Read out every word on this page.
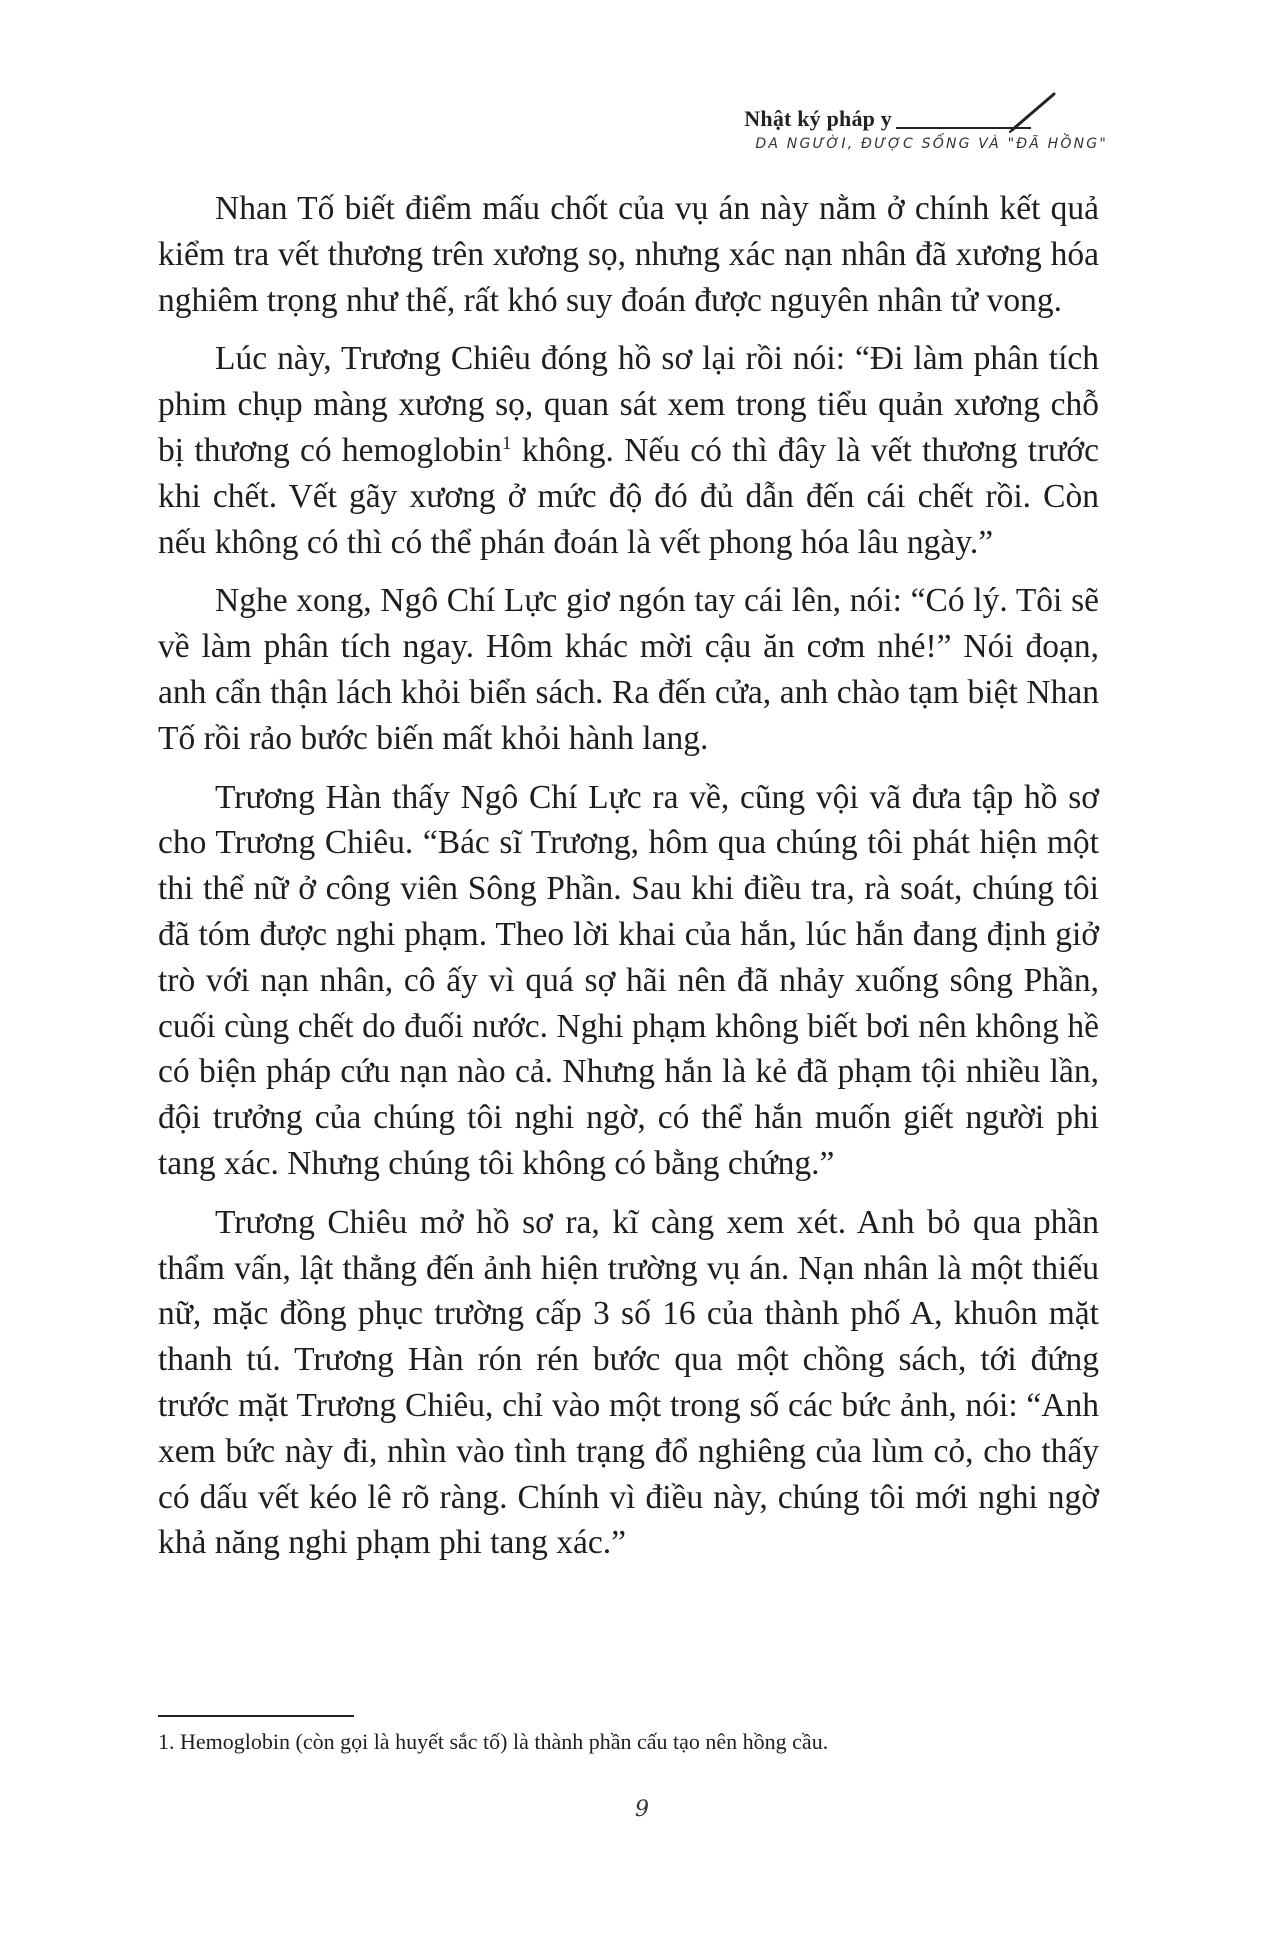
Nhật ký pháp y
DA NGƯỜI, ĐƯỢC SỐNG VÀ "ĐÃ HỒNG"

Nhan Tố biết điểm mấu chốt của vụ án này nằm ở chính kết quả kiểm tra vết thương trên xương sọ, nhưng xác nạn nhân đã xương hóa nghiêm trọng như thế, rất khó suy đoán được nguyên nhân tử vong.

Lúc này, Trương Chiêu đóng hồ sơ lại rồi nói: “Đi làm phân tích phim chụp màng xương sọ, quan sát xem trong tiểu quản xương chỗ bị thương có hemoglobin$^1$ không. Nếu có thì đây là vết thương trước khi chết. Vết gãy xương ở mức độ đó đủ dẫn đến cái chết rồi. Còn nếu không có thì có thể phán đoán là vết phong hóa lâu ngày.”

Nghe xong, Ngô Chí Lực giơ ngón tay cái lên, nói: “Có lý. Tôi sẽ về làm phân tích ngay. Hôm khác mời cậu ăn cơm nhé!” Nói đoạn, anh cẩn thận lách khỏi biển sách. Ra đến cửa, anh chào tạm biệt Nhan Tố rồi rảo bước biến mất khỏi hành lang.

Trương Hàn thấy Ngô Chí Lực ra về, cũng vội vã đưa tập hồ sơ cho Trương Chiêu. “Bác sĩ Trương, hôm qua chúng tôi phát hiện một thi thể nữ ở công viên Sông Phần. Sau khi điều tra, rà soát, chúng tôi đã tóm được nghi phạm. Theo lời khai của hắn, lúc hắn đang định giở trò với nạn nhân, cô ấy vì quá sợ hãi nên đã nhảy xuống sông Phần, cuối cùng chết do đuối nước. Nghi phạm không biết bơi nên không hề có biện pháp cứu nạn nào cả. Nhưng hắn là kẻ đã phạm tội nhiều lần, đội trưởng của chúng tôi nghi ngờ, có thể hắn muốn giết người phi tang xác. Nhưng chúng tôi không có bằng chứng.”

Trương Chiêu mở hồ sơ ra, kĩ càng xem xét. Anh bỏ qua phần thẩm vấn, lật thẳng đến ảnh hiện trường vụ án. Nạn nhân là một thiếu nữ, mặc đồng phục trường cấp 3 số 16 của thành phố A, khuôn mặt thanh tú. Trương Hàn rón rén bước qua một chồng sách, tới đứng trước mặt Trương Chiêu, chỉ vào một trong số các bức ảnh, nói: “Anh xem bức này đi, nhìn vào tình trạng đổ nghiêng của lùm cỏ, cho thấy có dấu vết kéo lê rõ ràng. Chính vì điều này, chúng tôi mới nghi ngờ khả năng nghi phạm phi tang xác.”

1. Hemoglobin (còn gọi là huyết sắc tố) là thành phần cấu tạo nên hồng cầu.
9
